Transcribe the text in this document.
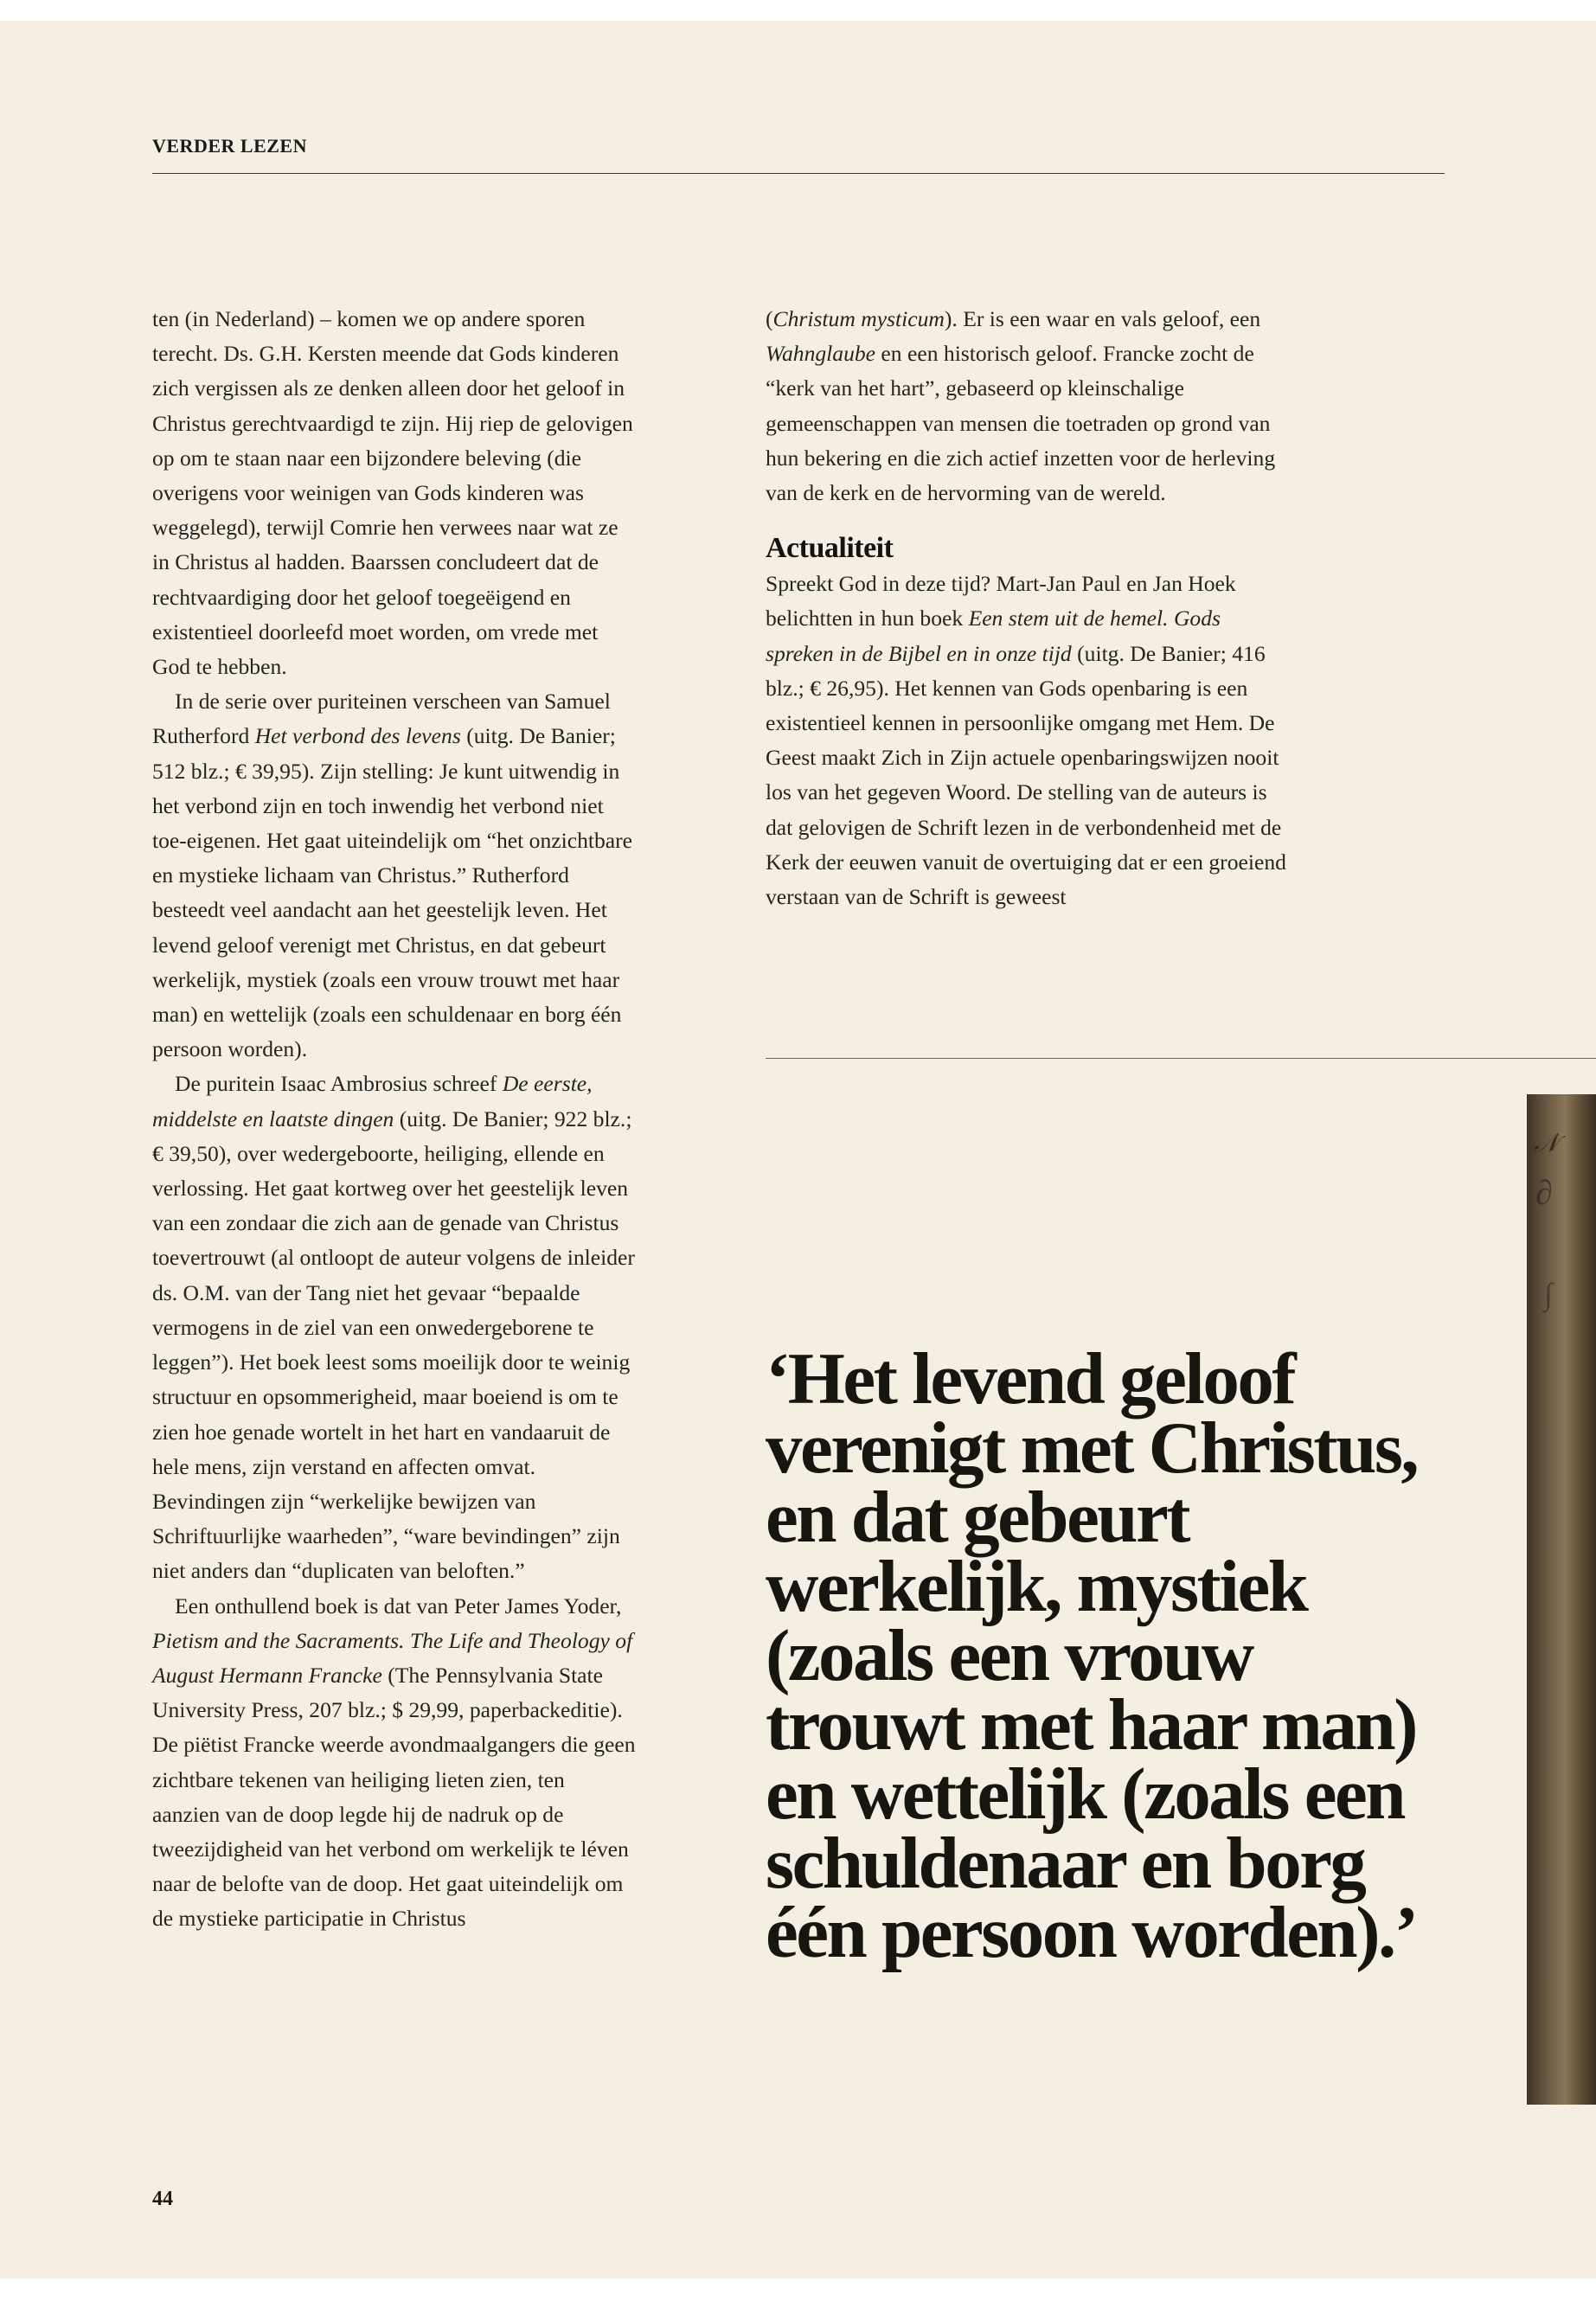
VERDER LEZEN

ten (in Nederland) – komen we op andere sporen terecht. Ds. G.H. Kersten meende dat Gods kinderen zich vergissen als ze denken alleen door het geloof in Christus gerechtvaardigd te zijn. Hij riep de gelovigen op om te staan naar een bijzondere beleving (die overigens voor weinigen van Gods kinderen was weggelegd), terwijl Comrie hen verwees naar wat ze in Christus al hadden. Baarssen concludeert dat de rechtvaardiging door het geloof toegeëigend en existentieel doorleefd moet worden, om vrede met God te hebben.

In de serie over puriteinen verscheen van Samuel Rutherford Het verbond des levens (uitg. De Banier; 512 blz.; € 39,95). Zijn stelling: Je kunt uitwendig in het verbond zijn en toch inwendig het verbond niet toe-eigenen. Het gaat uiteindelijk om “het onzichtbare en mystieke lichaam van Christus.” Rutherford besteedt veel aandacht aan het geestelijk leven. Het levend geloof verenigt met Christus, en dat gebeurt werkelijk, mystiek (zoals een vrouw trouwt met haar man) en wettelijk (zoals een schuldenaar en borg één persoon worden).

De puritein Isaac Ambrosius schreef De eerste, middelste en laatste dingen (uitg. De Banier; 922 blz.; € 39,50), over wedergeboorte, heiliging, ellende en verlossing. Het gaat kortweg over het geestelijk leven van een zondaar die zich aan de genade van Christus toevertrouwt (al ontloopt de auteur volgens de inleider ds. O.M. van der Tang niet het gevaar “bepaalde vermogens in de ziel van een onwedergeborene te leggen”). Het boek leest soms moeilijk door te weinig structuur en opsommerigheid, maar boeiend is om te zien hoe genade wortelt in het hart en vandaaruit de hele mens, zijn verstand en affecten omvat. Bevindingen zijn “werkelijke bewijzen van Schriftuurlijke waarheden”, “ware bevindingen” zijn niet anders dan “duplicaten van beloften.”

Een onthullend boek is dat van Peter James Yoder, Pietism and the Sacraments. The Life and Theology of August Hermann Francke (The Pennsylvania State University Press, 207 blz.; $ 29,99, paperbackeditie). De piëtist Francke weerde avondmaalgangers die geen zichtbare tekenen van heiliging lieten zien, ten aanzien van de doop legde hij de nadruk op de tweezijdigheid van het verbond om werkelijk te léven naar de belofte van de doop. Het gaat uiteindelijk om de mystieke participatie in Christus

(Christum mysticum). Er is een waar en vals geloof, een Wahnglaube en een historisch geloof. Francke zocht de “kerk van het hart”, gebaseerd op kleinschalige gemeenschappen van mensen die toetraden op grond van hun bekering en die zich actief inzetten voor de herleving van de kerk en de hervorming van de wereld.

Actualiteit

Spreekt God in deze tijd? Mart-Jan Paul en Jan Hoek belichtten in hun boek Een stem uit de hemel. Gods spreken in de Bijbel en in onze tijd (uitg. De Banier; 416 blz.; € 26,95). Het kennen van Gods openbaring is een existentieel kennen in persoonlijke omgang met Hem. De Geest maakt Zich in Zijn actuele openbaringswijzen nooit los van het gegeven Woord. De stelling van de auteurs is dat gelovigen de Schrift lezen in de verbondenheid met de Kerk der eeuwen vanuit de overtuiging dat er een groeiend verstaan van de Schrift is geweest

𝒩
∂
∫

‘Het levend geloof verenigt met Christus, en dat gebeurt werkelijk, mystiek (zoals een vrouw trouwt met haar man) en wettelijk (zoals een schuldenaar en borg één persoon worden).’

44
